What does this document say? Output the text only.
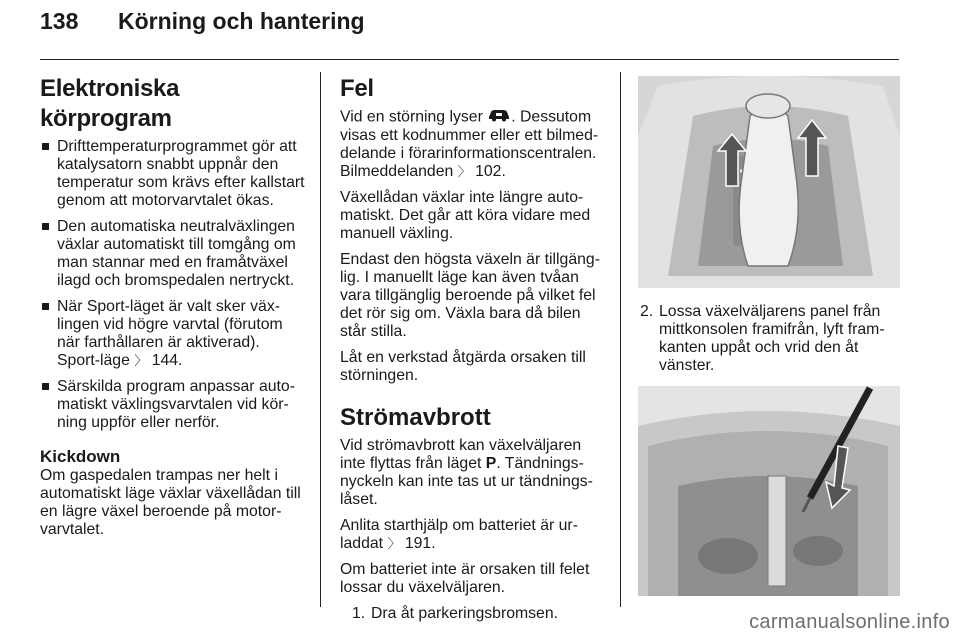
138 Körning och hantering
Elektroniska körprogram
Drifttemperaturprogrammet gör att katalysatorn snabbt uppnår den temperatur som krävs efter kallstart genom att motorvarvtalet ökas.
Den automatiska neutralväxlingen växlar automatiskt till tomgång om man stannar med en framåtväxel ilagd och bromspedalen nertryckt.
När Sport-läget är valt sker växlingen vid högre varvtal (förutom när farthållaren är aktiverad).
Sport-läge 〉 144.
Särskilda program anpassar automatiskt växlingsvarvtalen vid körning uppför eller nerför.
Kickdown

Om gaspedalen trampas ner helt i automatiskt läge växlar växellådan till en lägre växel beroende på motorvarvtalet.

Fel

Vid en störning lyser . Dessutom visas ett kodnummer eller ett bilmeddelande i förarinformationscentralen.
Bilmeddelanden 〉 102.

Växellådan växlar inte längre automatiskt. Det går att köra vidare med manuell växling.

Endast den högsta växeln är tillgänglig. I manuellt läge kan även tvåan vara tillgänglig beroende på vilket fel det rör sig om. Växla bara då bilen står stilla.

Låt en verkstad åtgärda orsaken till störningen.

Strömavbrott

Vid strömavbrott kan växelväljaren inte flyttas från läget P. Tändningsnyckeln kan inte tas ut ur tändningslåset.

Anlita starthjälp om batteriet är urladdat 〉 191.

Om batteriet inte är orsaken till felet lossar du växelväljaren.

1. Dra åt parkeringsbromsen.
2. Lossa växelväljarens panel från mittkonsolen framifrån, lyft framkanten uppåt och vrid den åt vänster.
carmanualsonline.info
